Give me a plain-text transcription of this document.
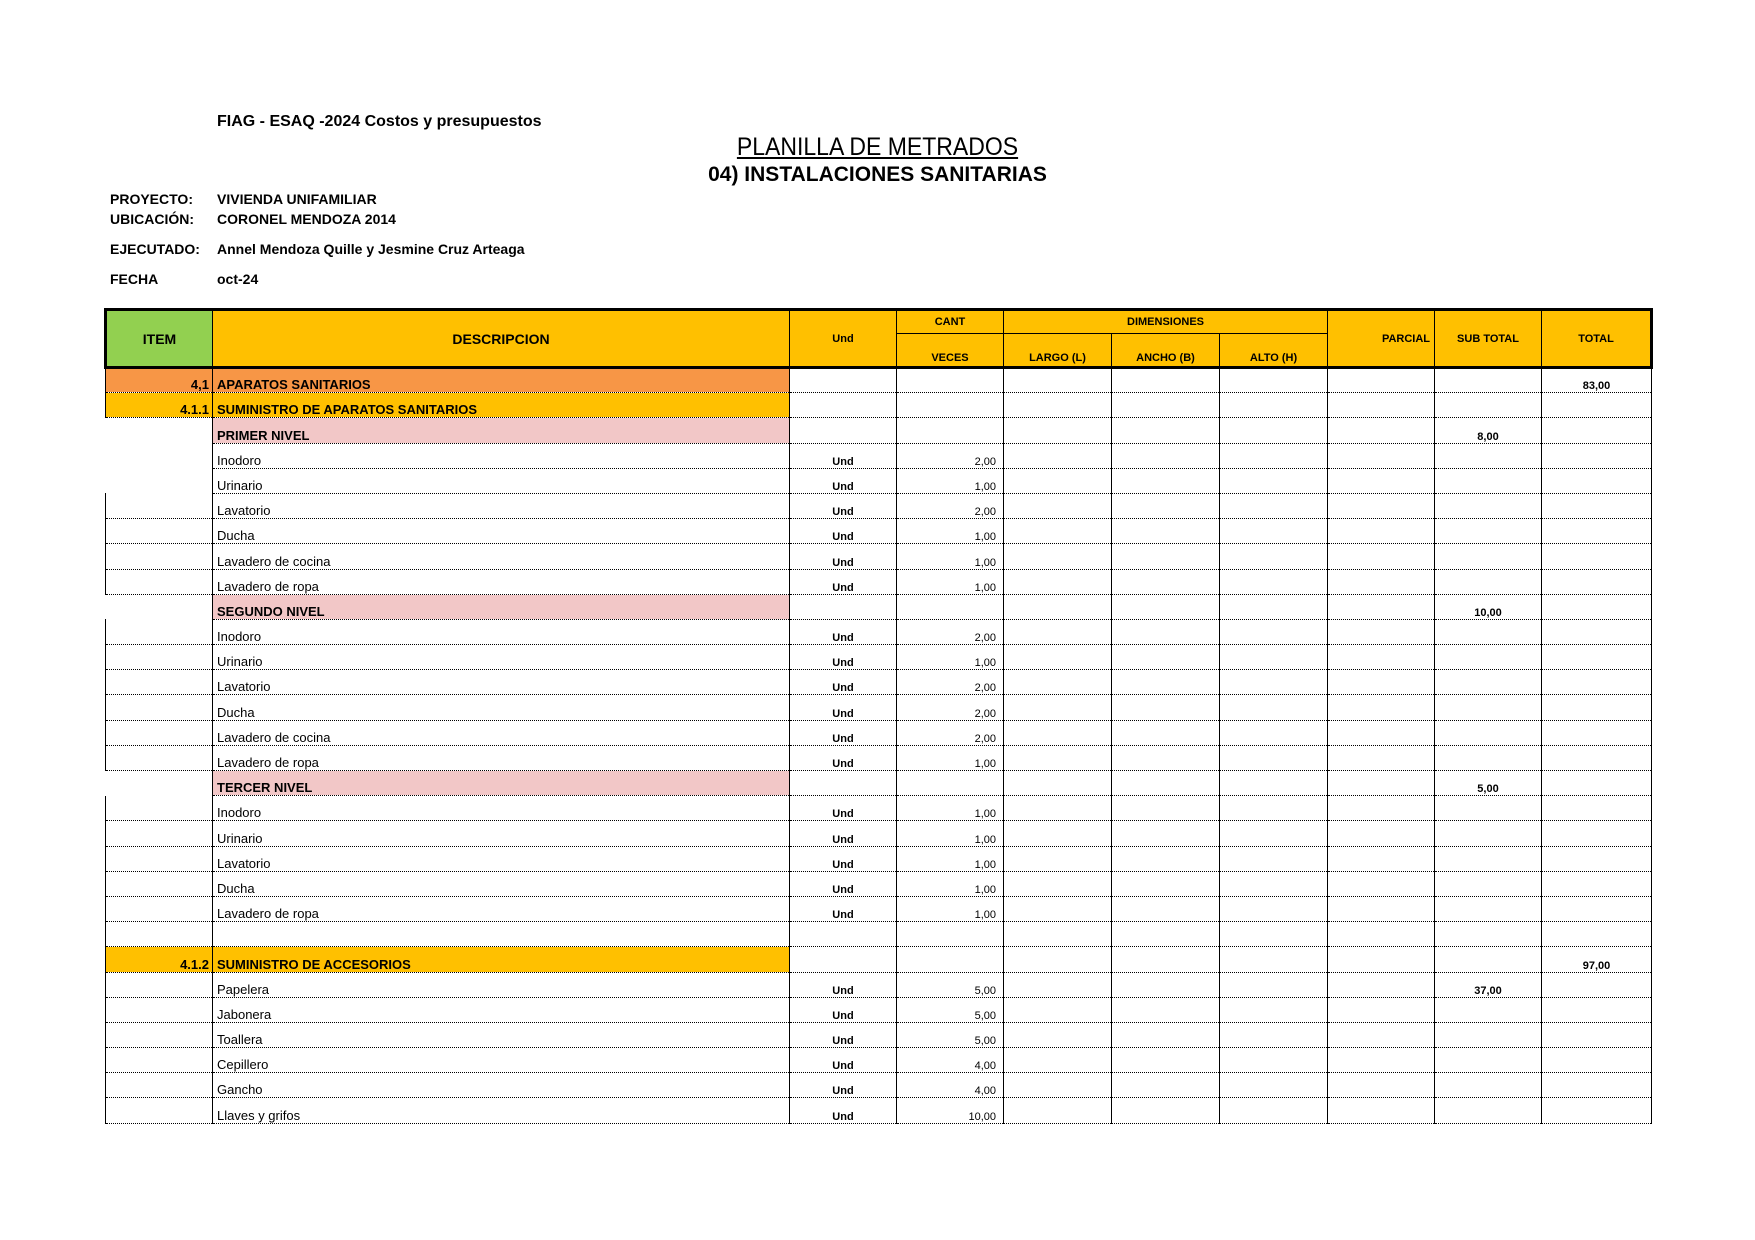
FIAG - ESAQ -2024 Costos y presupuestos
PLANILLA DE METRADOS
04) INSTALACIONES SANITARIAS
PROYECTO: VIVIENDA UNIFAMILIAR
UBICACIÓN: CORONEL MENDOZA 2014
EJECUTADO: Annel Mendoza Quille y Jesmine Cruz Arteaga
FECHA	oct-24
ITEM	DESCRIPCION	Und	CANT	DIMENSIONES			PARCIAL	SUB TOTAL	TOTAL
			VECES	LARGO (L)	ANCHO (B)	ALTO (H)			
4,1	APARATOS SANITARIOS								83,00
4.1.1	SUMINISTRO DE APARATOS SANITARIOS								
	PRIMER NIVEL							8,00	
	Inodoro	Und	2,00						
	Urinario	Und	1,00						
	Lavatorio	Und	2,00						
	Ducha	Und	1,00						
	Lavadero de cocina	Und	1,00						
	Lavadero de ropa	Und	1,00						
	SEGUNDO NIVEL							10,00	
	Inodoro	Und	2,00						
	Urinario	Und	1,00						
	Lavatorio	Und	2,00						
	Ducha	Und	2,00						
	Lavadero de cocina	Und	2,00						
	Lavadero de ropa	Und	1,00						
	TERCER NIVEL							5,00	
	Inodoro	Und	1,00						
	Urinario	Und	1,00						
	Lavatorio	Und	1,00						
	Ducha	Und	1,00						
	Lavadero de ropa	Und	1,00						

4.1.2	SUMINISTRO DE ACCESORIOS								97,00
	Papelera	Und	5,00					37,00	
	Jabonera	Und	5,00						
	Toallera	Und	5,00						
	Cepillero	Und	4,00						
	Gancho	Und	4,00						
	Llaves y grifos	Und	10,00						
